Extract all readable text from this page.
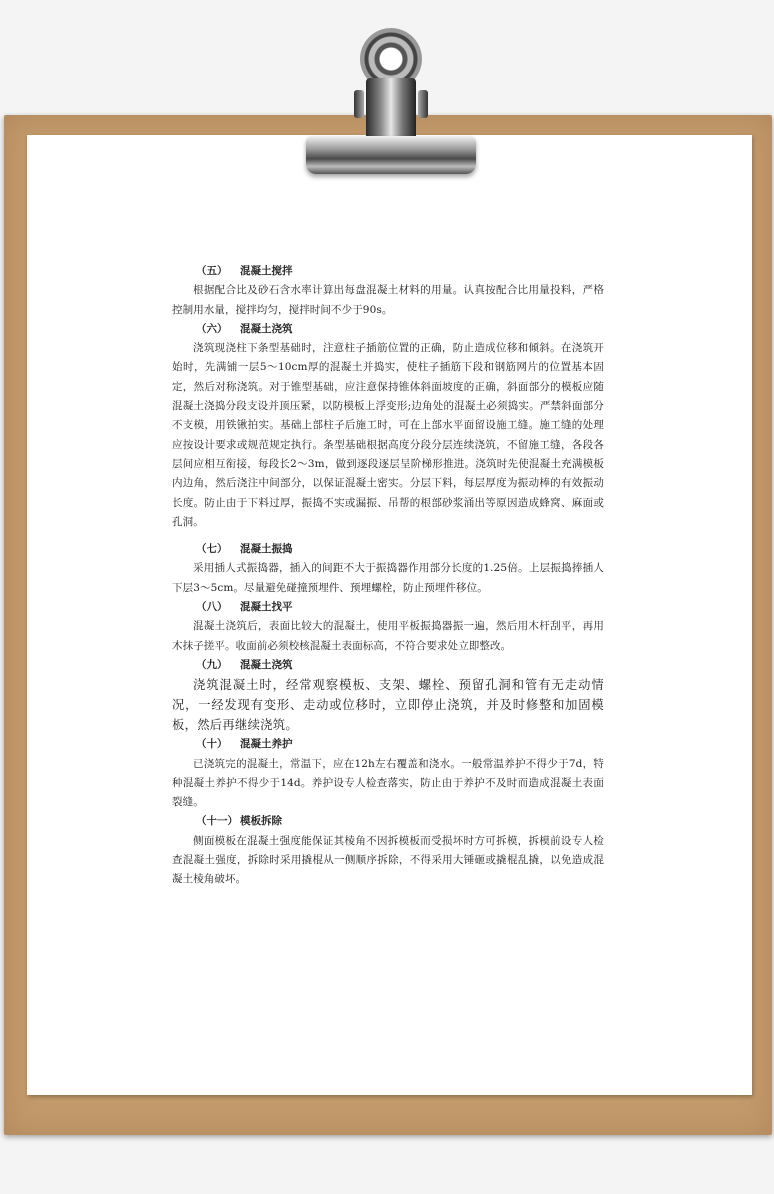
（五） 混凝土搅拌

根据配合比及砂石含水率计算出每盘混凝土材料的用量。认真按配合比用量投料，严格控制用水量，搅拌均匀，搅拌时间不少于90s。

（六） 混凝土浇筑

浇筑现浇柱下条型基础时，注意柱子插筋位置的正确，防止造成位移和倾斜。在浇筑开始时，先满铺一层5～10cm厚的混凝土并捣实，使柱子插筋下段和钢筋网片的位置基本固定，然后对称浇筑。对于锥型基础，应注意保持锥体斜面坡度的正确，斜面部分的模板应随混凝土浇捣分段支设并顶压紧，以防模板上浮变形;边角处的混凝土必须捣实。严禁斜面部分不支模，用铁锹拍实。基础上部柱子后施工时，可在上部水平面留设施工缝。施工缝的处理应按设计要求或规范规定执行。条型基础根据高度分段分层连续浇筑，不留施工缝，各段各层间应相互衔接，每段长2～3m，做到逐段逐层呈阶梯形推进。浇筑时先使混凝土充满模板内边角，然后浇注中间部分，以保证混凝土密实。分层下料，每层厚度为振动棒的有效振动长度。防止由于下料过厚，振捣不实或漏振、吊帮的根部砂浆涌出等原因造成蜂窝、麻面或孔洞。

（七） 混凝土振捣

采用插人式振捣器，插入的间距不大于振捣器作用部分长度的1.25倍。上层振捣捧插人下层3～5cm。尽量避免碰撞预埋件、预埋螺栓，防止预埋件移位。

（八） 混凝土找平

混凝土浇筑后，表面比较大的混凝土，使用平板振捣器振一遍，然后用木杆刮平，再用木抹子搓平。收面前必须校核混凝土表面标高，不符合要求处立即整改。

（九） 混凝土浇筑

浇筑混凝土时，经常观察模板、支架、螺栓、预留孔洞和管有无走动情况，一经发现有变形、走动或位移时，立即停止浇筑，并及时修整和加固模板，然后再继续浇筑。

（十） 混凝土养护

已浇筑完的混凝土，常温下，应在12h左右覆盖和浇水。一般常温养护不得少于7d，特种混凝土养护不得少于14d。养护设专人检查落实，防止由于养护不及时而造成混凝土表面裂缝。

（十一） 模板拆除

侧面模板在混凝土强度能保证其棱角不因拆模板而受损坏时方可拆模，拆模前设专人检查混凝土强度，拆除时采用撬棍从一侧顺序拆除，不得采用大锤砸或撬棍乱撬，以免造成混凝土棱角破坏。
